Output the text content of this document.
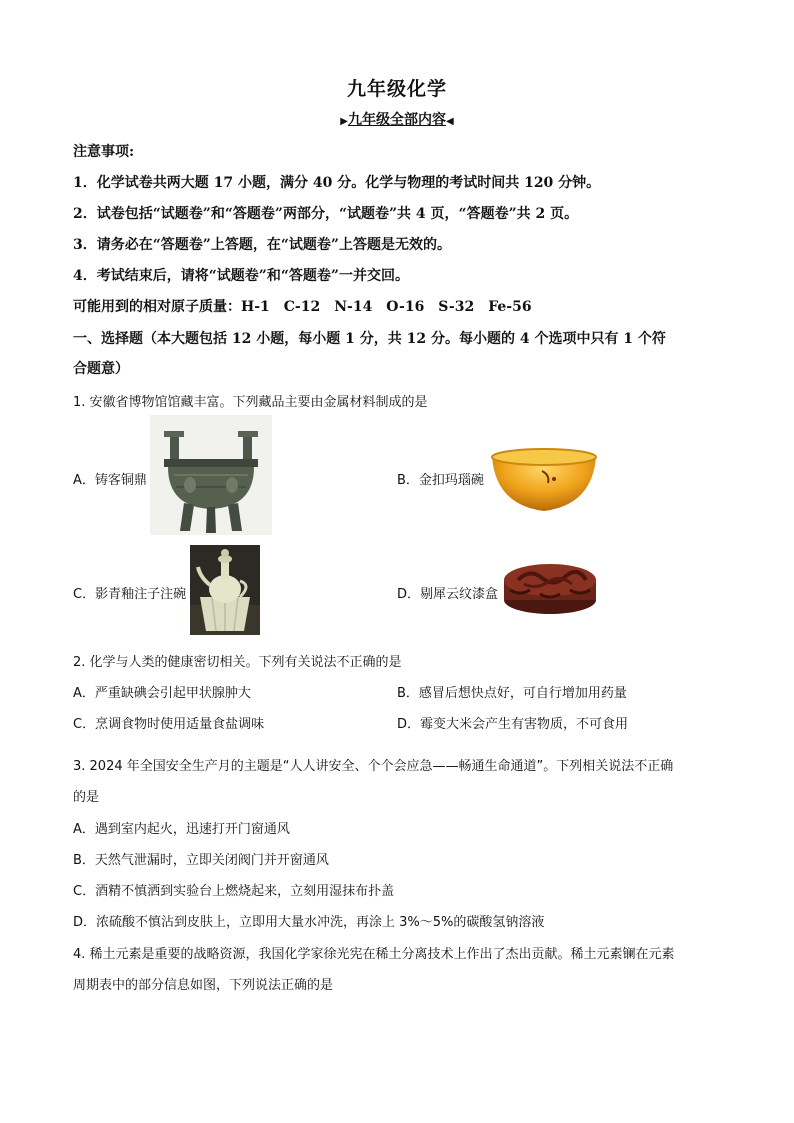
九年级化学
▶九年级全部内容◀
注意事项:
1．化学试卷共两大题 17 小题，满分 40 分。化学与物理的考试时间共 120 分钟。
2．试卷包括“试题卷”和“答题卷”两部分，“试题卷”共 4 页，“答题卷”共 2 页。
3．请务必在“答题卷”上答题，在“试题卷”上答题是无效的。
4．考试结束后，请将“试题卷”和“答题卷”一并交回。
可能用到的相对原子质量：H-1　C-12　N-14　O-16　S-32　Fe-56
一、选择题（本大题包括 12 小题，每小题 1 分，共 12 分。每小题的 4 个选项中只有 1 个符
合题意）
1. 安徽省博物馆馆藏丰富。下列藏品主要由金属材料制成的是
A．铸客铜鼎	B．金扣玛瑙碗
C．影青釉注子注碗	D．剔犀云纹漆盒
2. 化学与人类的健康密切相关。下列有关说法不正确的是
A．严重缺碘会引起甲状腺肿大	B．感冒后想快点好，可自行增加用药量
C．烹调食物时使用适量食盐调味	D．霉变大米会产生有害物质，不可食用
3. 2024 年全国安全生产月的主题是“人人讲安全、个个会应急——畅通生命通道”。下列相关说法不正确
的是
A．遇到室内起火，迅速打开门窗通风
B．天然气泄漏时，立即关闭阀门并开窗通风
C．酒精不慎洒到实验台上燃烧起来，立刻用湿抹布扑盖
D．浓硫酸不慎沾到皮肤上，立即用大量水冲洗，再涂上 3%～5%的碳酸氢钠溶液
4. 稀土元素是重要的战略资源，我国化学家徐光宪在稀土分离技术上作出了杰出贡献。稀土元素镧在元素
周期表中的部分信息如图，下列说法正确的是
